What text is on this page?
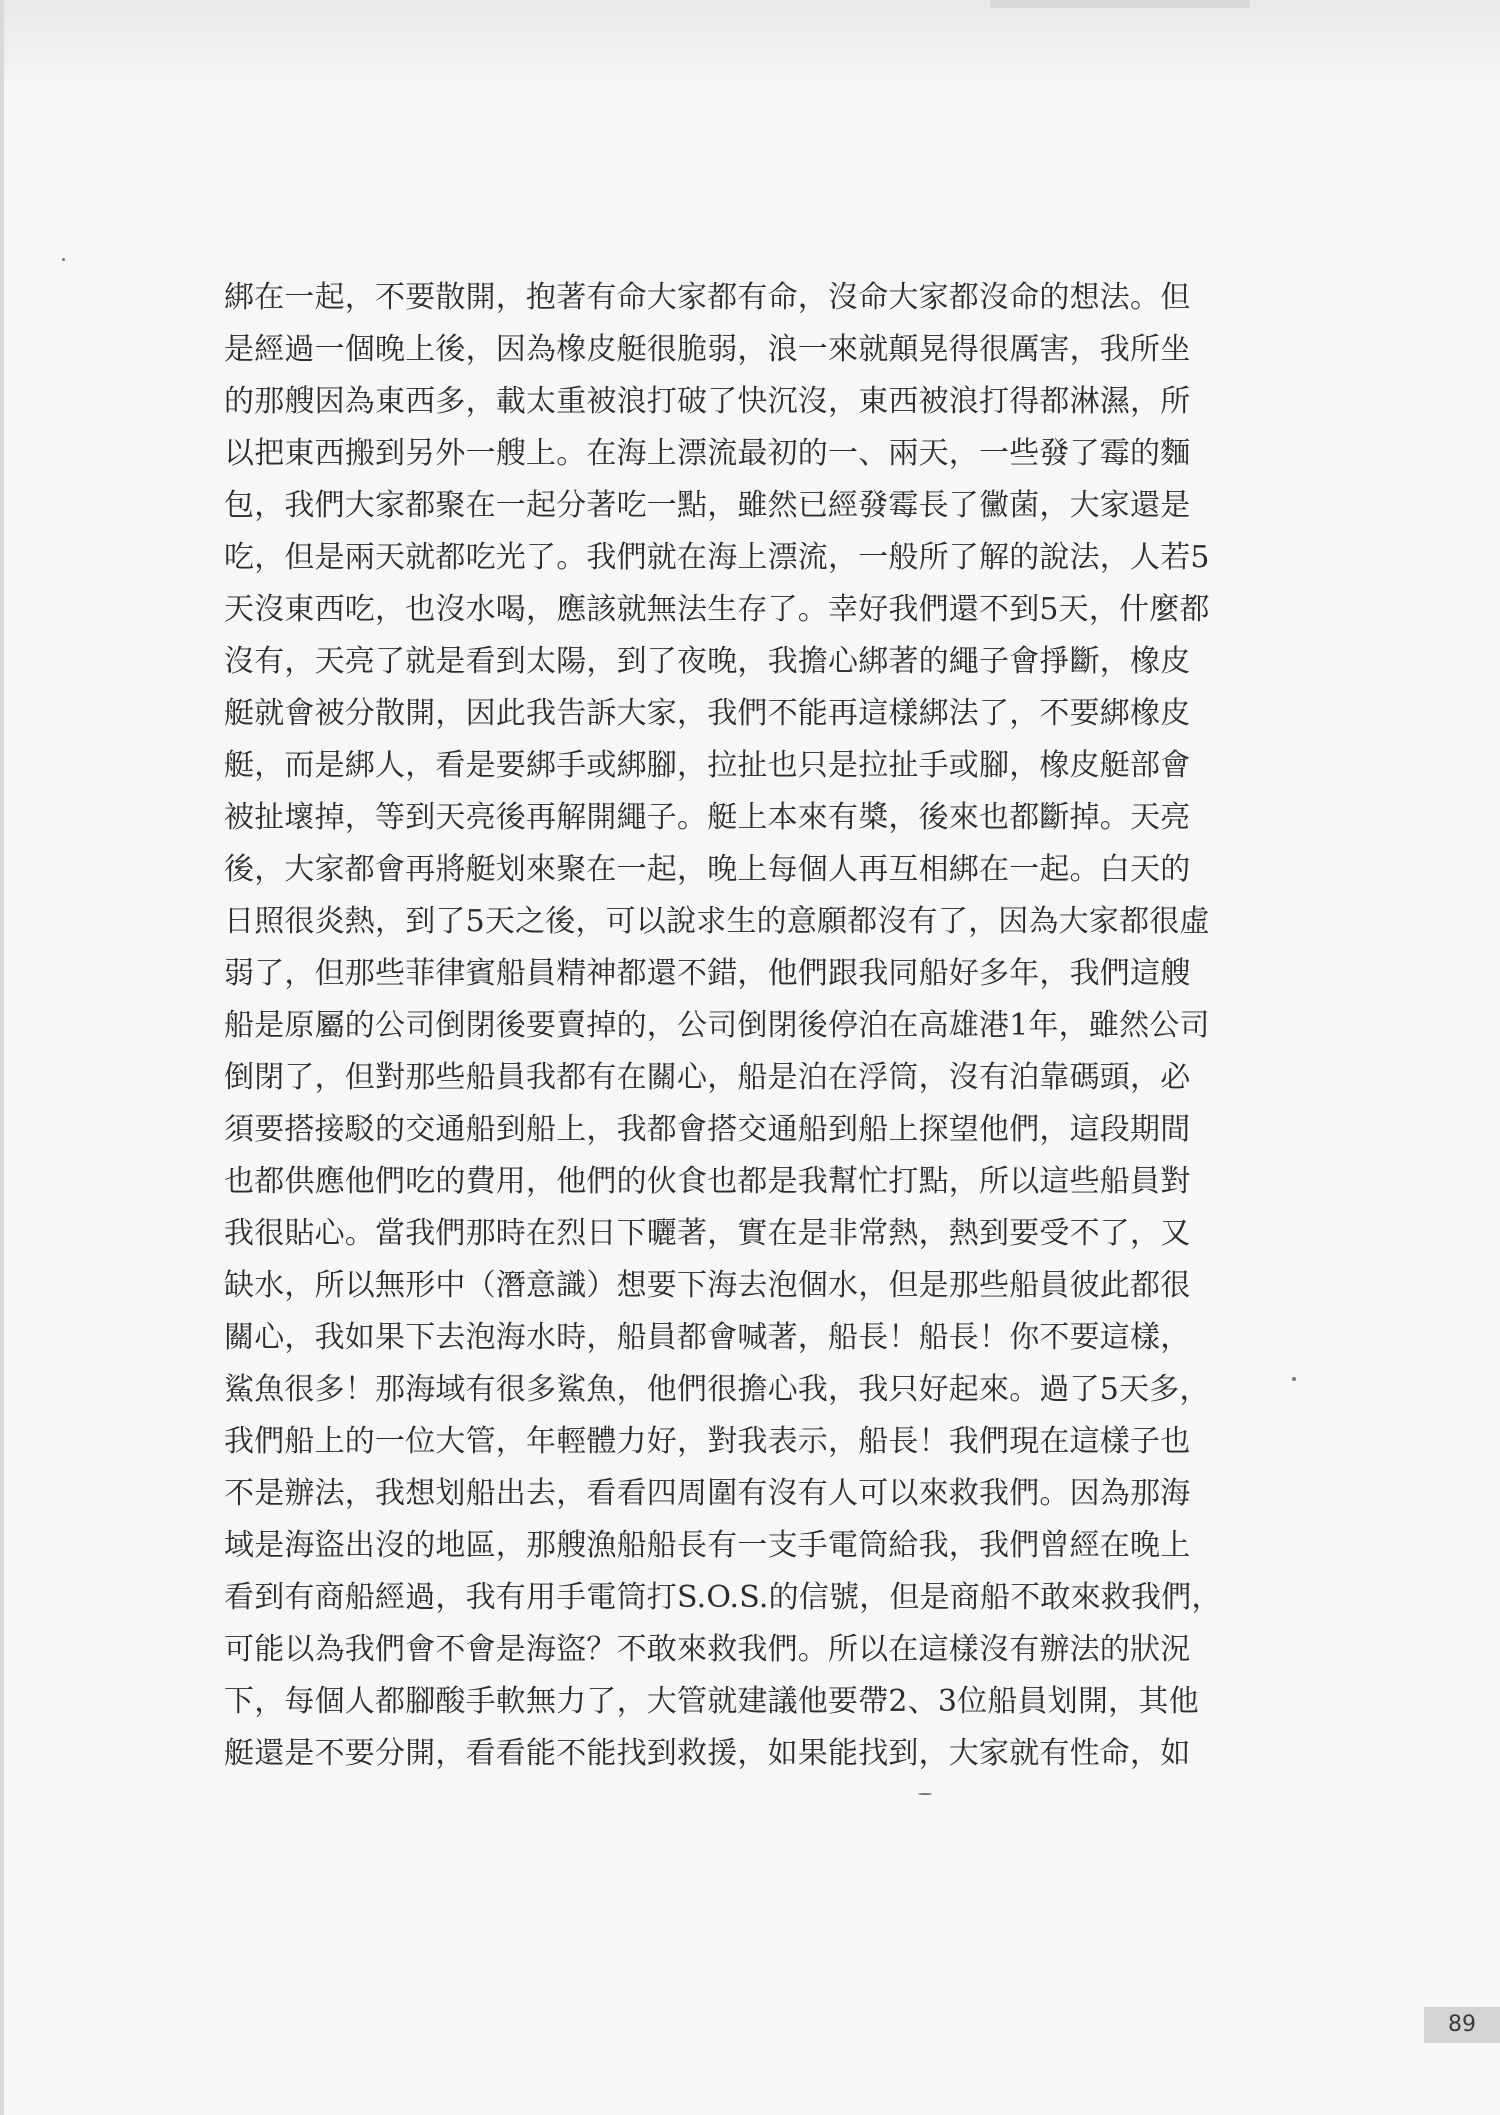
綁在一起，不要散開，抱著有命大家都有命，沒命大家都沒命的想法。但
是經過一個晚上後，因為橡皮艇很脆弱，浪一來就顛晃得很厲害，我所坐
的那艘因為東西多，載太重被浪打破了快沉沒，東西被浪打得都淋濕，所
以把東西搬到另外一艘上。在海上漂流最初的一、兩天，一些發了霉的麵
包，我們大家都聚在一起分著吃一點，雖然已經發霉長了黴菌，大家還是
吃，但是兩天就都吃光了。我們就在海上漂流，一般所了解的說法，人若5
天沒東西吃，也沒水喝，應該就無法生存了。幸好我們還不到5天，什麼都
沒有，天亮了就是看到太陽，到了夜晚，我擔心綁著的繩子會掙斷，橡皮
艇就會被分散開，因此我告訴大家，我們不能再這樣綁法了，不要綁橡皮
艇，而是綁人，看是要綁手或綁腳，拉扯也只是拉扯手或腳，橡皮艇部會
被扯壞掉，等到天亮後再解開繩子。艇上本來有槳，後來也都斷掉。天亮
後，大家都會再將艇划來聚在一起，晚上每個人再互相綁在一起。白天的
日照很炎熱，到了5天之後，可以說求生的意願都沒有了，因為大家都很虛
弱了，但那些菲律賓船員精神都還不錯，他們跟我同船好多年，我們這艘
船是原屬的公司倒閉後要賣掉的，公司倒閉後停泊在高雄港1年，雖然公司
倒閉了，但對那些船員我都有在關心，船是泊在浮筒，沒有泊靠碼頭，必
須要搭接駁的交通船到船上，我都會搭交通船到船上探望他們，這段期間
也都供應他們吃的費用，他們的伙食也都是我幫忙打點，所以這些船員對
我很貼心。當我們那時在烈日下曬著，實在是非常熱，熱到要受不了，又
缺水，所以無形中（潛意識）想要下海去泡個水，但是那些船員彼此都很
關心，我如果下去泡海水時，船員都會喊著，船長！船長！你不要這樣，
鯊魚很多！那海域有很多鯊魚，他們很擔心我，我只好起來。過了5天多，
我們船上的一位大管，年輕體力好，對我表示，船長！我們現在這樣子也
不是辦法，我想划船出去，看看四周圍有沒有人可以來救我們。因為那海
域是海盜出沒的地區，那艘漁船船長有一支手電筒給我，我們曾經在晚上
看到有商船經過，我有用手電筒打S.O.S.的信號，但是商船不敢來救我們，
可能以為我們會不會是海盜？不敢來救我們。所以在這樣沒有辦法的狀況
下，每個人都腳酸手軟無力了，大管就建議他要帶2、3位船員划開，其他
艇還是不要分開，看看能不能找到救援，如果能找到，大家就有性命，如
89
